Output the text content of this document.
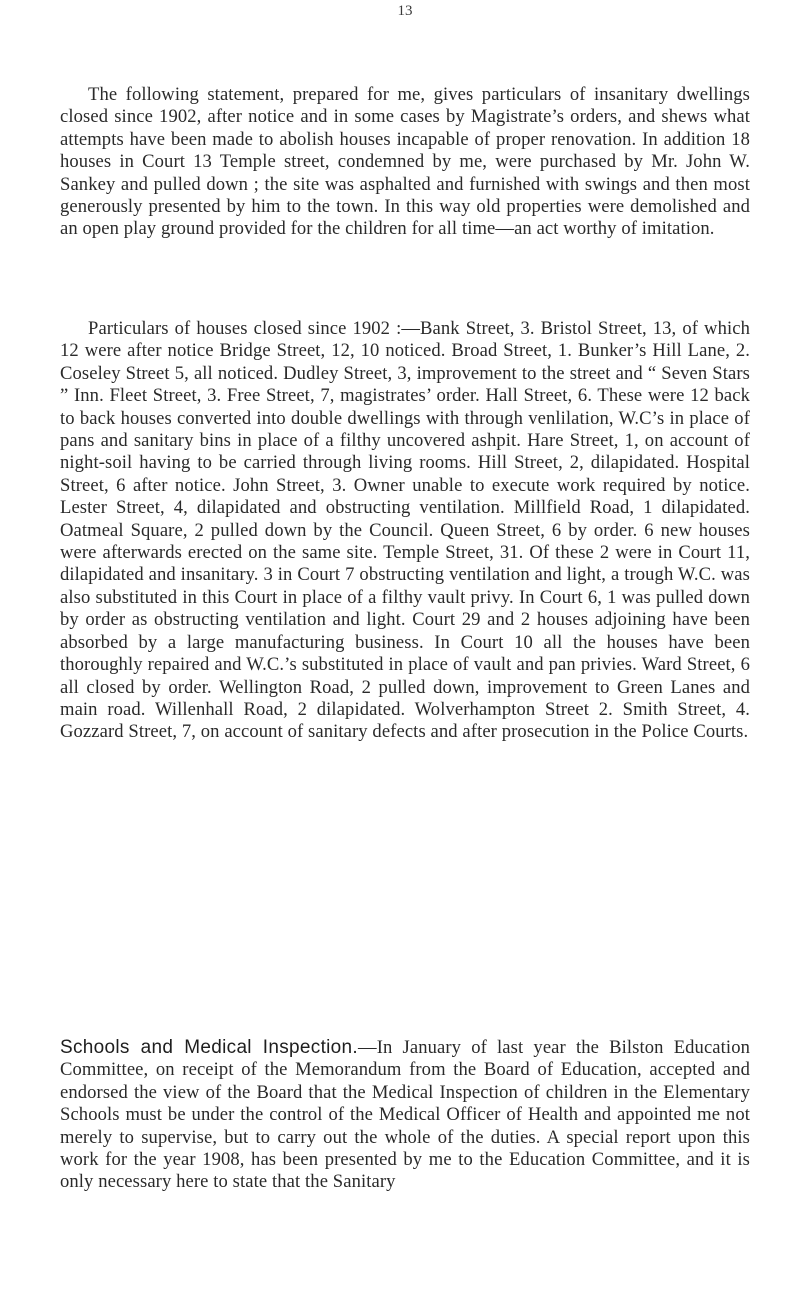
13

The following statement, prepared for me, gives particulars of insanitary dwellings closed since 1902, after notice and in some cases by Magistrate’s orders, and shews what attempts have been made to abolish houses incapable of proper renovation. In addition 18 houses in Court 13 Temple street, condemned by me, were purchased by Mr. John W. Sankey and pulled down ; the site was asphalted and furnished with swings and then most generously presented by him to the town. In this way old properties were demolished and an open play ground provided for the children for all time—an act worthy of imitation.

Particulars of houses closed since 1902 :—Bank Street, 3. Bristol Street, 13, of which 12 were after notice Bridge Street, 12, 10 noticed. Broad Street, 1. Bunker’s Hill Lane, 2. Coseley Street 5, all noticed. Dudley Street, 3, improvement to the street and “ Seven Stars ” Inn. Fleet Street, 3. Free Street, 7, magistrates’ order. Hall Street, 6. These were 12 back to back houses converted into double dwellings with through venlilation, W.C’s in place of pans and sanitary bins in place of a filthy uncovered ashpit. Hare Street, 1, on account of night-soil having to be carried through living rooms. Hill Street, 2, dilapidated. Hospital Street, 6 after notice. John Street, 3. Owner unable to execute work required by notice. Lester Street, 4, dilapidated and obstructing ventilation. Millfield Road, 1 dilapidated. Oatmeal Square, 2 pulled down by the Council. Queen Street, 6 by order. 6 new houses were afterwards erected on the same site. Temple Street, 31. Of these 2 were in Court 11, dilapidated and insanitary. 3 in Court 7 obstructing ventilation and light, a trough W.C. was also substituted in this Court in place of a filthy vault privy. In Court 6, 1 was pulled down by order as obstructing ventilation and light. Court 29 and 2 houses adjoining have been absorbed by a large manufacturing business. In Court 10 all the houses have been thoroughly repaired and W.C.’s substituted in place of vault and pan privies. Ward Street, 6 all closed by order. Wellington Road, 2 pulled down, improvement to Green Lanes and main road. Willenhall Road, 2 dilapidated. Wolverhampton Street 2. Smith Street, 4. Gozzard Street, 7, on account of sanitary defects and after prosecution in the Police Courts.

Schools and Medical Inspection.—In January of last year the Bilston Education Committee, on receipt of the Memorandum from the Board of Education, accepted and endorsed the view of the Board that the Medical Inspection of children in the Elementary Schools must be under the control of the Medical Officer of Health and appointed me not merely to supervise, but to carry out the whole of the duties. A special report upon this work for the year 1908, has been presented by me to the Education Committee, and it is only necessary here to state that the Sanitary
